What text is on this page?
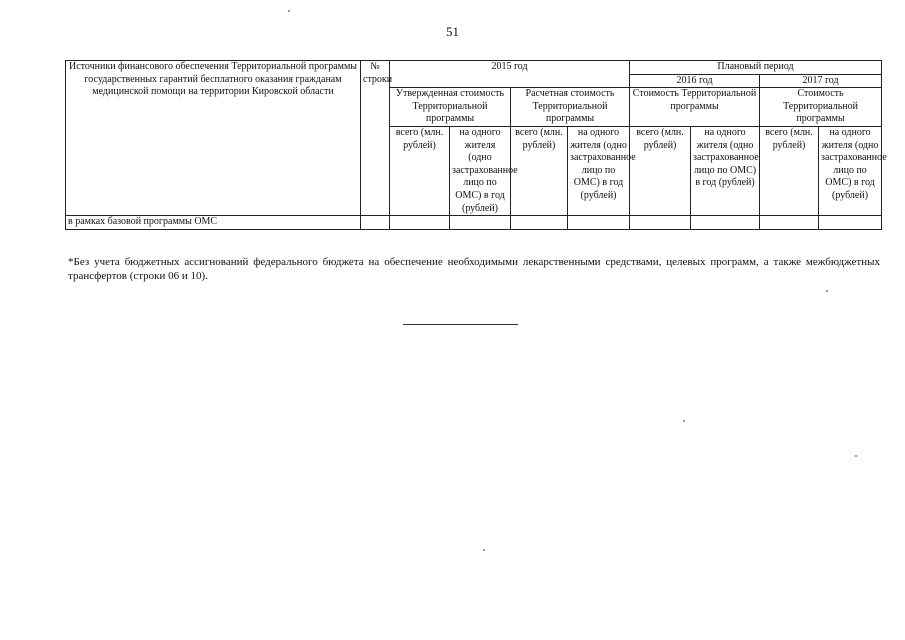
51
Источники финансового обеспечения Территориальной программы государственных гарантий бесплатного оказания гражданам медицинской помощи на территории Кировской области	№ строки	2015 год				Плановый период			
						2016 год		2017 год	
		Утвержденная стоимость Территориальной программы		Расчетная стоимость Территориальной программы		Стоимость Территориальной программы		Стоимость Территориальной программы	
		всего (млн. рублей)	на одного жителя (одно застрахованное лицо по ОМС) в год (рублей)	всего (млн. рублей)	на одного жителя (одно застрахованное лицо по ОМС) в год (рублей)	всего (млн. рублей)	на одного жителя (одно застрахованное лицо по ОМС) в год (рублей)	всего (млн. рублей)	на одного жителя (одно застрахованное лицо по ОМС) в год (рублей)
в рамках базовой программы ОМС									
*Без учета бюджетных ассигнований федерального бюджета на обеспечение необходимыми лекарственными средствами, целевых программ, а также межбюджетных трансфертов (строки 06 и 10).
